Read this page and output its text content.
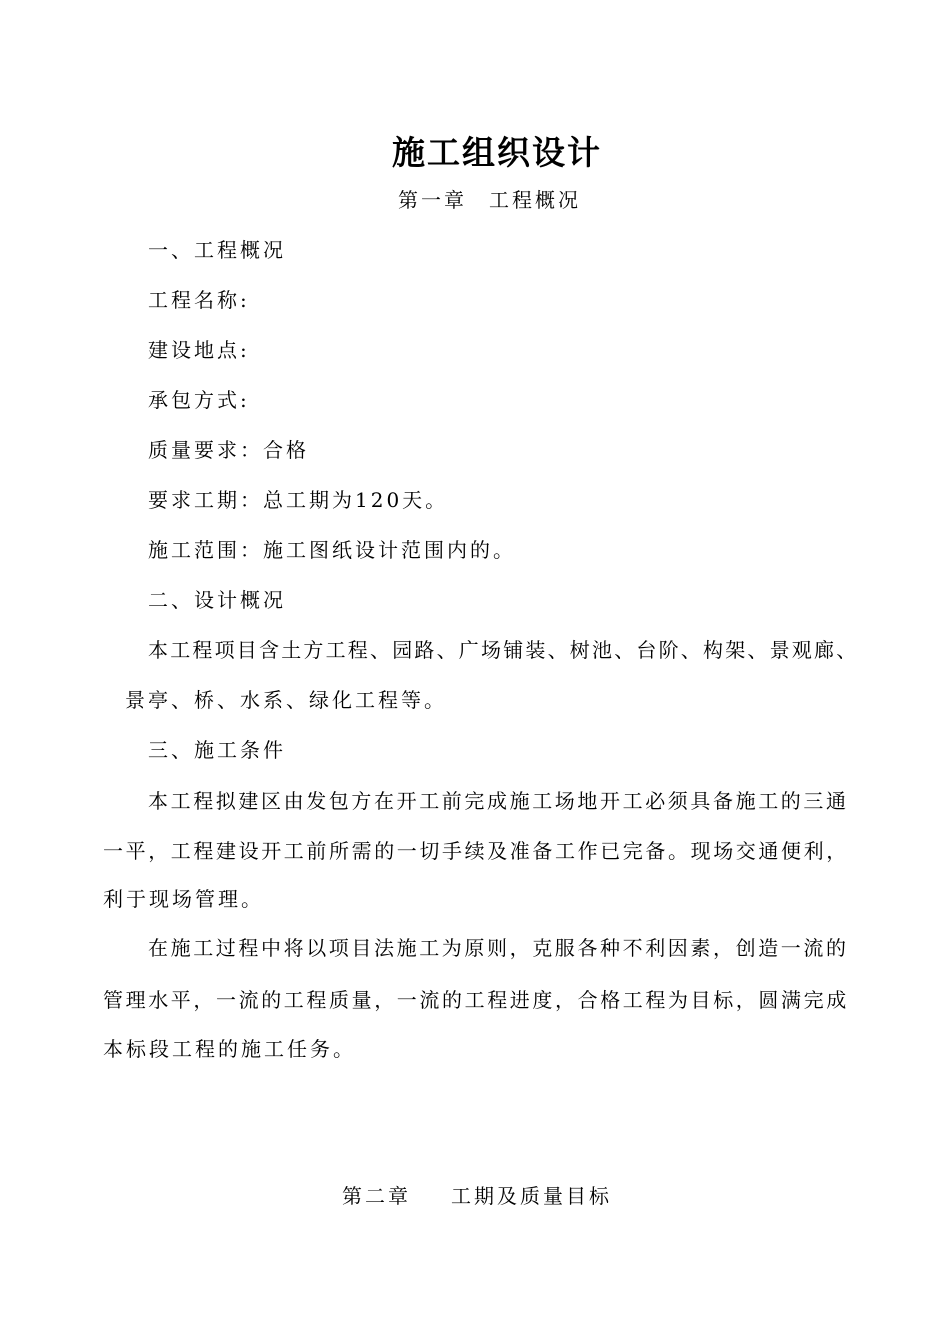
施工组织设计
第一章 工程概况
一、工程概况
工程名称:
建设地点:
承包方式:
质量要求：合格
要求工期：总工期为120天。
施工范围：施工图纸设计范围内的。
二、设计概况
本工程项目含土方工程、园路、广场铺装、树池、台阶、构架、景观廊、
景亭、桥、水系、绿化工程等。
三、施工条件
本工程拟建区由发包方在开工前完成施工场地开工必须具备施工的三通
一平，工程建设开工前所需的一切手续及准备工作已完备。现场交通便利，
利于现场管理。
在施工过程中将以项目法施工为原则，克服各种不利因素，创造一流的
管理水平，一流的工程质量，一流的工程进度，合格工程为目标，圆满完成
本标段工程的施工任务。
第二章 工期及质量目标
